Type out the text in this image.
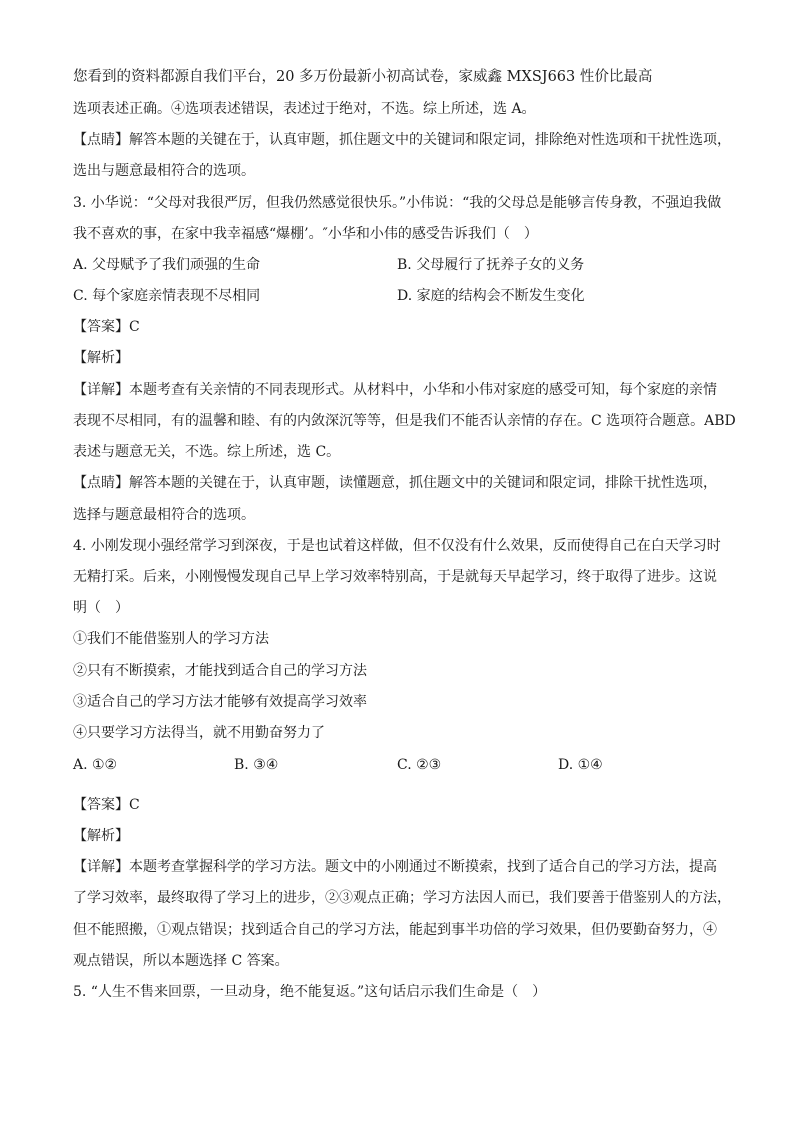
您看到的资料都源自我们平台，20 多万份最新小初高试卷，家威鑫 MXSJ663 性价比最高
选项表述正确。④选项表述错误，表述过于绝对，不选。综上所述，选 A。
【点睛】解答本题的关键在于，认真审题，抓住题文中的关键词和限定词，排除绝对性选项和干扰性选项，
选出与题意最相符合的选项。
3. 小华说：“父母对我很严厉，但我仍然感觉很快乐。”小伟说：“我的父母总是能够言传身教，不强迫我做
我不喜欢的事，在家中我幸福感“爆棚’。″小华和小伟的感受告诉我们（　）
A. 父母赋予了我们顽强的生命	B. 父母履行了抚养子女的义务
C. 每个家庭亲情表现不尽相同	D. 家庭的结构会不断发生变化
【答案】C
【解析】
【详解】本题考查有关亲情的不同表现形式。从材料中，小华和小伟对家庭的感受可知，每个家庭的亲情
表现不尽相同，有的温馨和睦、有的内敛深沉等等，但是我们不能否认亲情的存在。C 选项符合题意。ABD
表述与题意无关，不选。综上所述，选 C。
【点睛】解答本题的关键在于，认真审题，读懂题意，抓住题文中的关键词和限定词，排除干扰性选项，
选择与题意最相符合的选项。
4. 小刚发现小强经常学习到深夜，于是也试着这样做，但不仅没有什么效果，反而使得自己在白天学习时
无精打采。后来，小刚慢慢发现自己早上学习效率特别高，于是就每天早起学习，终于取得了进步。这说
明（　）
①我们不能借鉴别人的学习方法
②只有不断摸索，才能找到适合自己的学习方法
③适合自己的学习方法才能够有效提高学习效率
④只要学习方法得当，就不用勤奋努力了
A. ①②	B. ③④	C. ②③	D. ①④
【答案】C
【解析】
【详解】本题考查掌握科学的学习方法。题文中的小刚通过不断摸索，找到了适合自己的学习方法，提高
了学习效率，最终取得了学习上的进步，②③观点正确；学习方法因人而已，我们要善于借鉴别人的方法，
但不能照搬，①观点错误；找到适合自己的学习方法，能起到事半功倍的学习效果，但仍要勤奋努力，④
观点错误，所以本题选择 C 答案。
5. “人生不售来回票，一旦动身，绝不能复返。”这句话启示我们生命是（　）
